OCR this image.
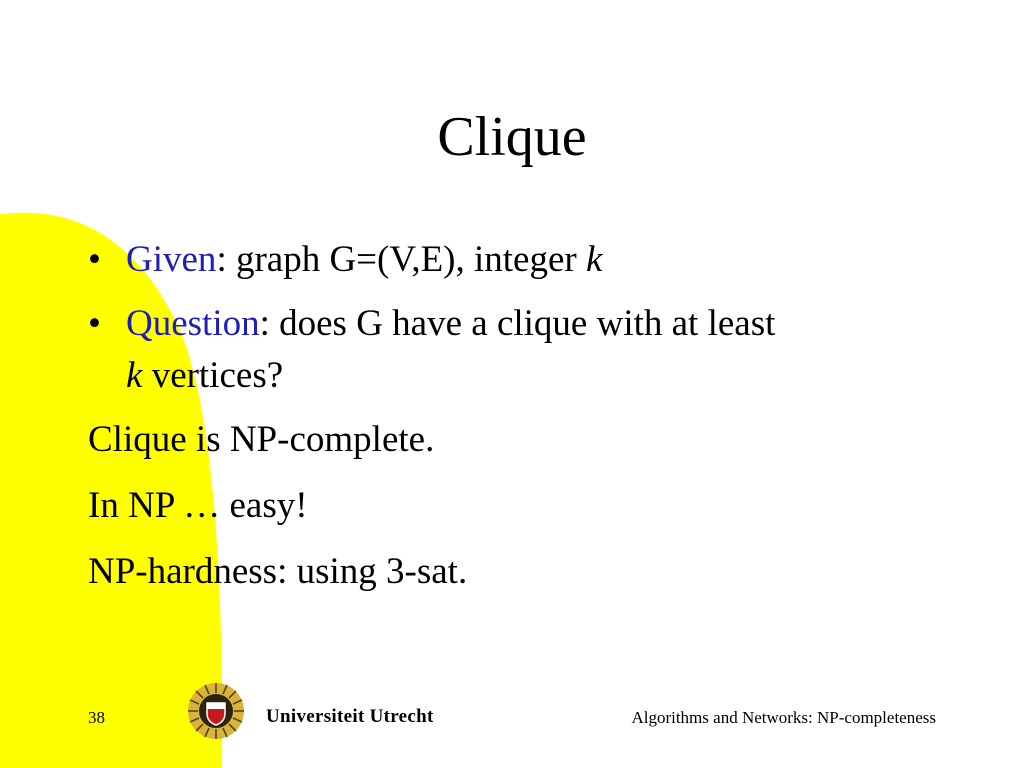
Clique
• Given: graph G=(V,E), integer k
• Question: does G have a clique with at least
k vertices?
Clique is NP-complete.
In NP … easy!
NP-hardness: using 3-sat.
38	Universiteit Utrecht	Algorithms and Networks: NP-completeness
